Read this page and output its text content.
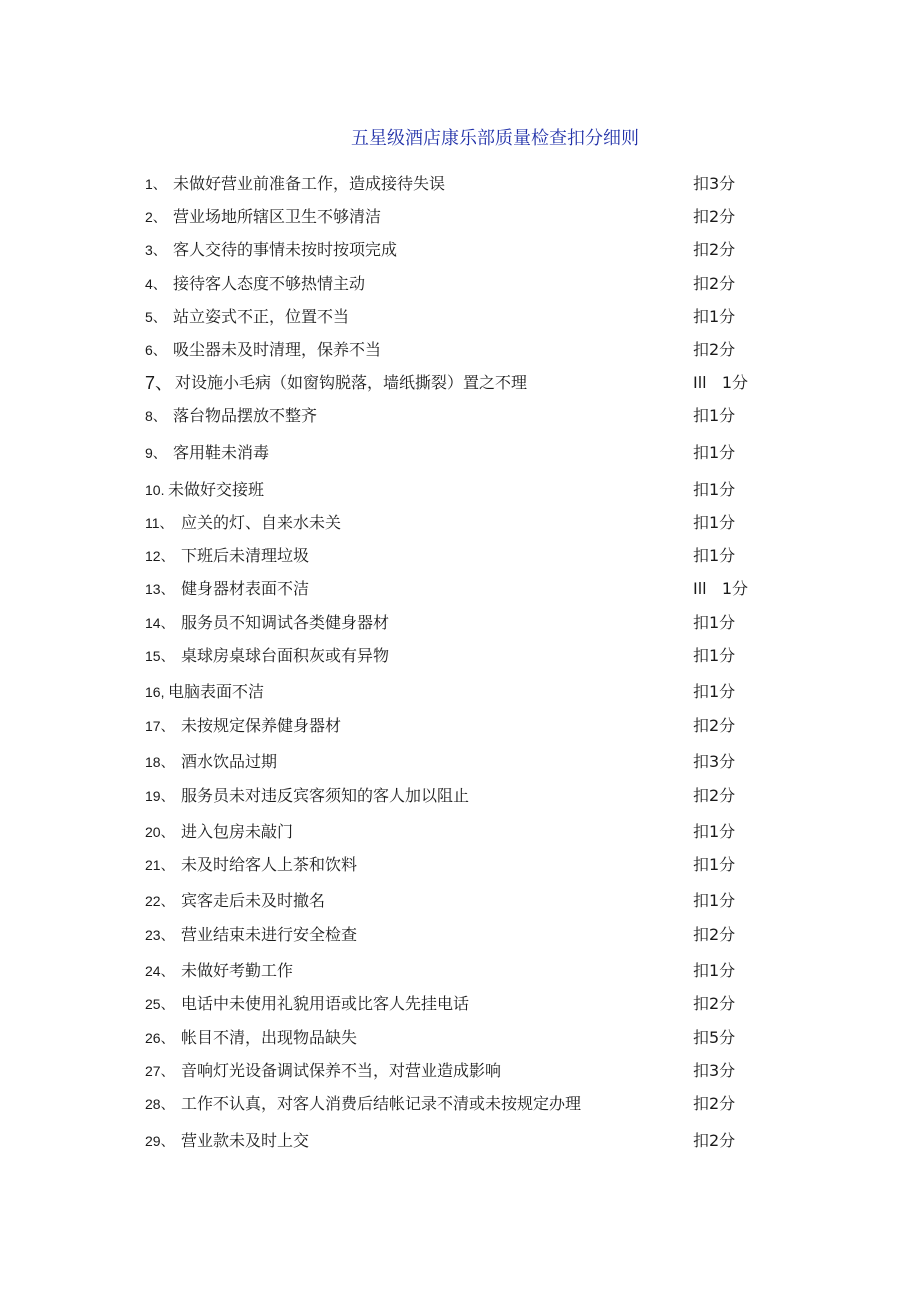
五星级酒店康乐部质量检查扣分细则
1、 未做好营业前准备工作，造成接待失误	扣3分
2、 营业场地所辖区卫生不够清洁	扣2分
3、 客人交待的事情未按时按项完成	扣2分
4、 接待客人态度不够热情主动	扣2分
5、 站立姿式不正，位置不当	扣1分
6、 吸尘器未及时清理，保养不当	扣2分
7、 对设施小毛病（如窗钩脱落，墙纸撕裂）置之不理	Ill   1分
8、 落台物品摆放不整齐	扣1分
9、 客用鞋未消毒	扣1分
10. 未做好交接班	扣1分
11、 应关的灯、自来水未关	扣1分
12、 下班后未清理垃圾	扣1分
13、 健身器材表面不洁	Ill   1分
14、 服务员不知调试各类健身器材	扣1分
15、 桌球房桌球台面积灰或有异物	扣1分
16, 电脑表面不洁	扣1分
17、 未按规定保养健身器材	扣2分
18、 酒水饮品过期	扣3分
19、 服务员未对违反宾客须知的客人加以阻止	扣2分
20、 进入包房未敲门	扣1分
21、 未及时给客人上茶和饮料	扣1分
22、 宾客走后未及时撤名	扣1分
23、 营业结束未进行安全检查	扣2分
24、 未做好考勤工作	扣1分
25、 电话中未使用礼貌用语或比客人先挂电话	扣2分
26、 帐目不清，出现物品缺失	扣5分
27、 音响灯光设备调试保养不当，对营业造成影响	扣3分
28、 工作不认真，对客人消费后结帐记录不清或未按规定办理	扣2分
29、 营业款未及时上交	扣2分
